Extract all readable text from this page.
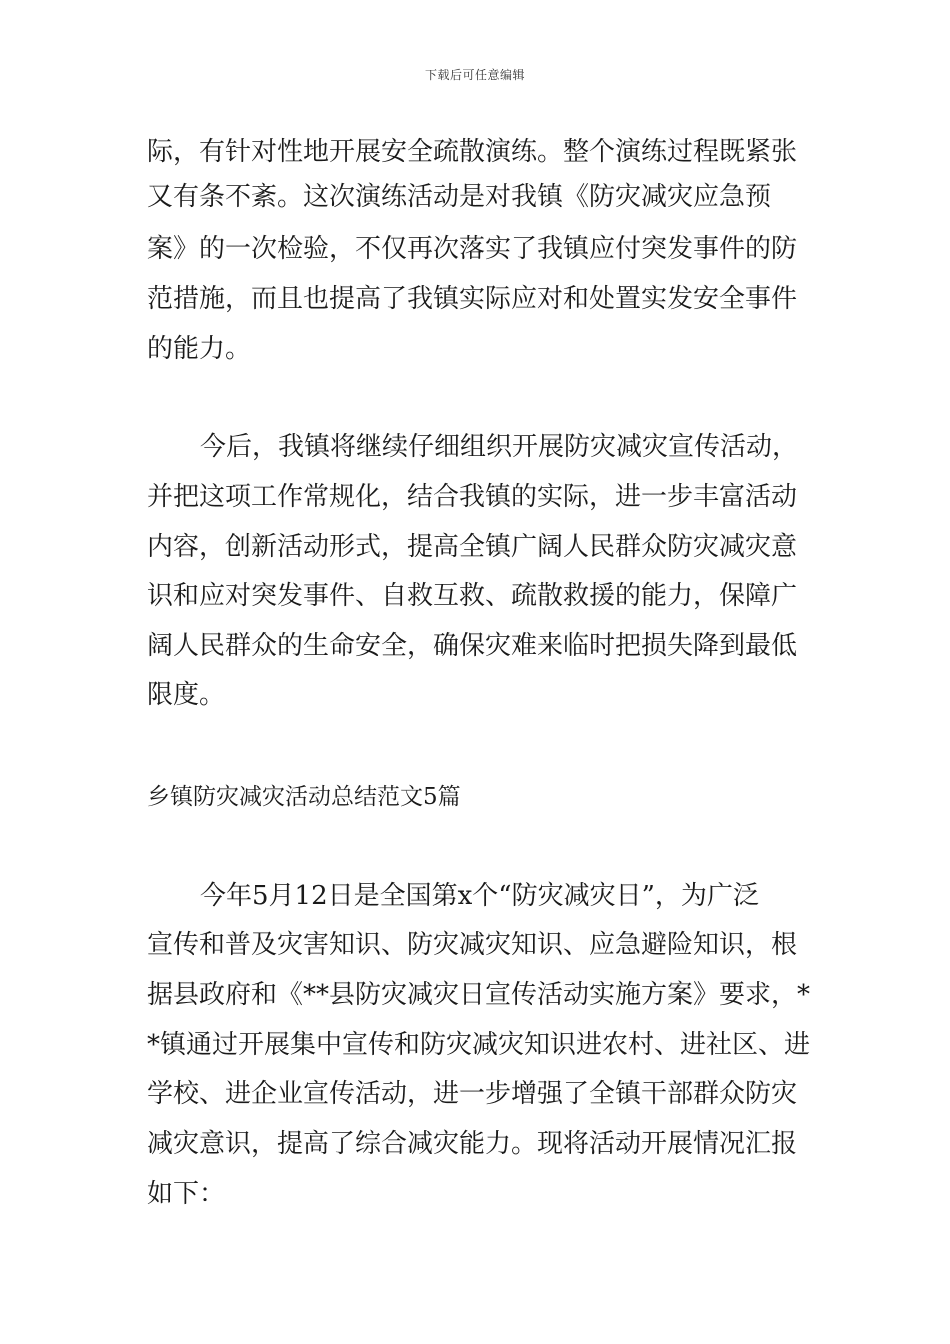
下载后可任意编辑
际，有针对性地开展安全疏散演练。整个演练过程既紧张
又有条不紊。这次演练活动是对我镇《防灾减灾应急预
案》的一次检验，不仅再次落实了我镇应付突发事件的防
范措施，而且也提高了我镇实际应对和处置实发安全事件
的能力。
今后，我镇将继续仔细组织开展防灾减灾宣传活动，
并把这项工作常规化，结合我镇的实际，进一步丰富活动
内容，创新活动形式，提高全镇广阔人民群众防灾减灾意
识和应对突发事件、自救互救、疏散救援的能力，保障广
阔人民群众的生命安全，确保灾难来临时把损失降到最低
限度。
乡镇防灾减灾活动总结范文5篇
今年5月12日是全国第x个“防灾减灾日”，为广泛
宣传和普及灾害知识、防灾减灾知识、应急避险知识，根
据县政府和《**县防灾减灾日宣传活动实施方案》要求，*
*镇通过开展集中宣传和防灾减灾知识进农村、进社区、进
学校、进企业宣传活动，进一步增强了全镇干部群众防灾
减灾意识，提高了综合减灾能力。现将活动开展情况汇报
如下：
